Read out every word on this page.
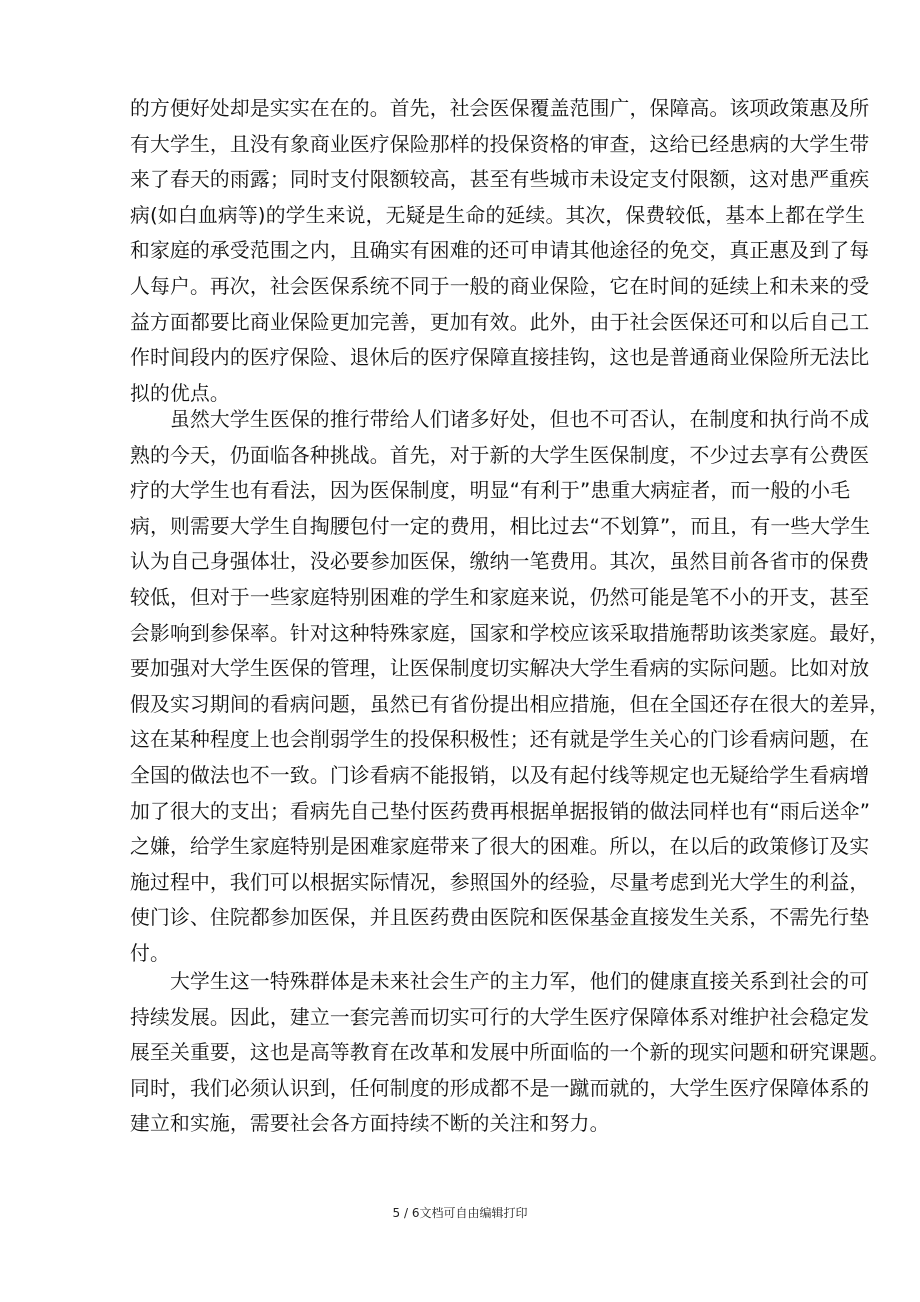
的方便好处却是实实在在的。首先，社会医保覆盖范围广，保障高。该项政策惠及所
有大学生，且没有象商业医疗保险那样的投保资格的审查，这给已经患病的大学生带
来了春天的雨露；同时支付限额较高，甚至有些城市未设定支付限额，这对患严重疾
病(如白血病等)的学生来说，无疑是生命的延续。其次，保费较低，基本上都在学生
和家庭的承受范围之内，且确实有困难的还可申请其他途径的免交，真正惠及到了每
人每户。再次，社会医保系统不同于一般的商业保险，它在时间的延续上和未来的受
益方面都要比商业保险更加完善，更加有效。此外，由于社会医保还可和以后自己工
作时间段内的医疗保险、退休后的医疗保障直接挂钩，这也是普通商业保险所无法比
拟的优点。
　　虽然大学生医保的推行带给人们诸多好处，但也不可否认，在制度和执行尚不成
熟的今天，仍面临各种挑战。首先，对于新的大学生医保制度，不少过去享有公费医
疗的大学生也有看法，因为医保制度，明显“有利于”患重大病症者，而一般的小毛
病，则需要大学生自掏腰包付一定的费用，相比过去“不划算”，而且，有一些大学生
认为自己身强体壮，没必要参加医保，缴纳一笔费用。其次，虽然目前各省市的保费
较低，但对于一些家庭特别困难的学生和家庭来说，仍然可能是笔不小的开支，甚至
会影响到参保率。针对这种特殊家庭，国家和学校应该采取措施帮助该类家庭。最好，
要加强对大学生医保的管理，让医保制度切实解决大学生看病的实际问题。比如对放
假及实习期间的看病问题，虽然已有省份提出相应措施，但在全国还存在很大的差异，
这在某种程度上也会削弱学生的投保积极性；还有就是学生关心的门诊看病问题，在
全国的做法也不一致。门诊看病不能报销，以及有起付线等规定也无疑给学生看病增
加了很大的支出；看病先自己垫付医药费再根据单据报销的做法同样也有“雨后送伞”
之嫌，给学生家庭特别是困难家庭带来了很大的困难。所以，在以后的政策修订及实
施过程中，我们可以根据实际情况，参照国外的经验，尽量考虑到光大学生的利益，
使门诊、住院都参加医保，并且医药费由医院和医保基金直接发生关系，不需先行垫
付。
　　大学生这一特殊群体是未来社会生产的主力军，他们的健康直接关系到社会的可
持续发展。因此，建立一套完善而切实可行的大学生医疗保障体系对维护社会稳定发
展至关重要，这也是高等教育在改革和发展中所面临的一个新的现实问题和研究课题。
同时，我们必须认识到，任何制度的形成都不是一蹴而就的，大学生医疗保障体系的
建立和实施，需要社会各方面持续不断的关注和努力。
5 / 6文档可自由编辑打印
